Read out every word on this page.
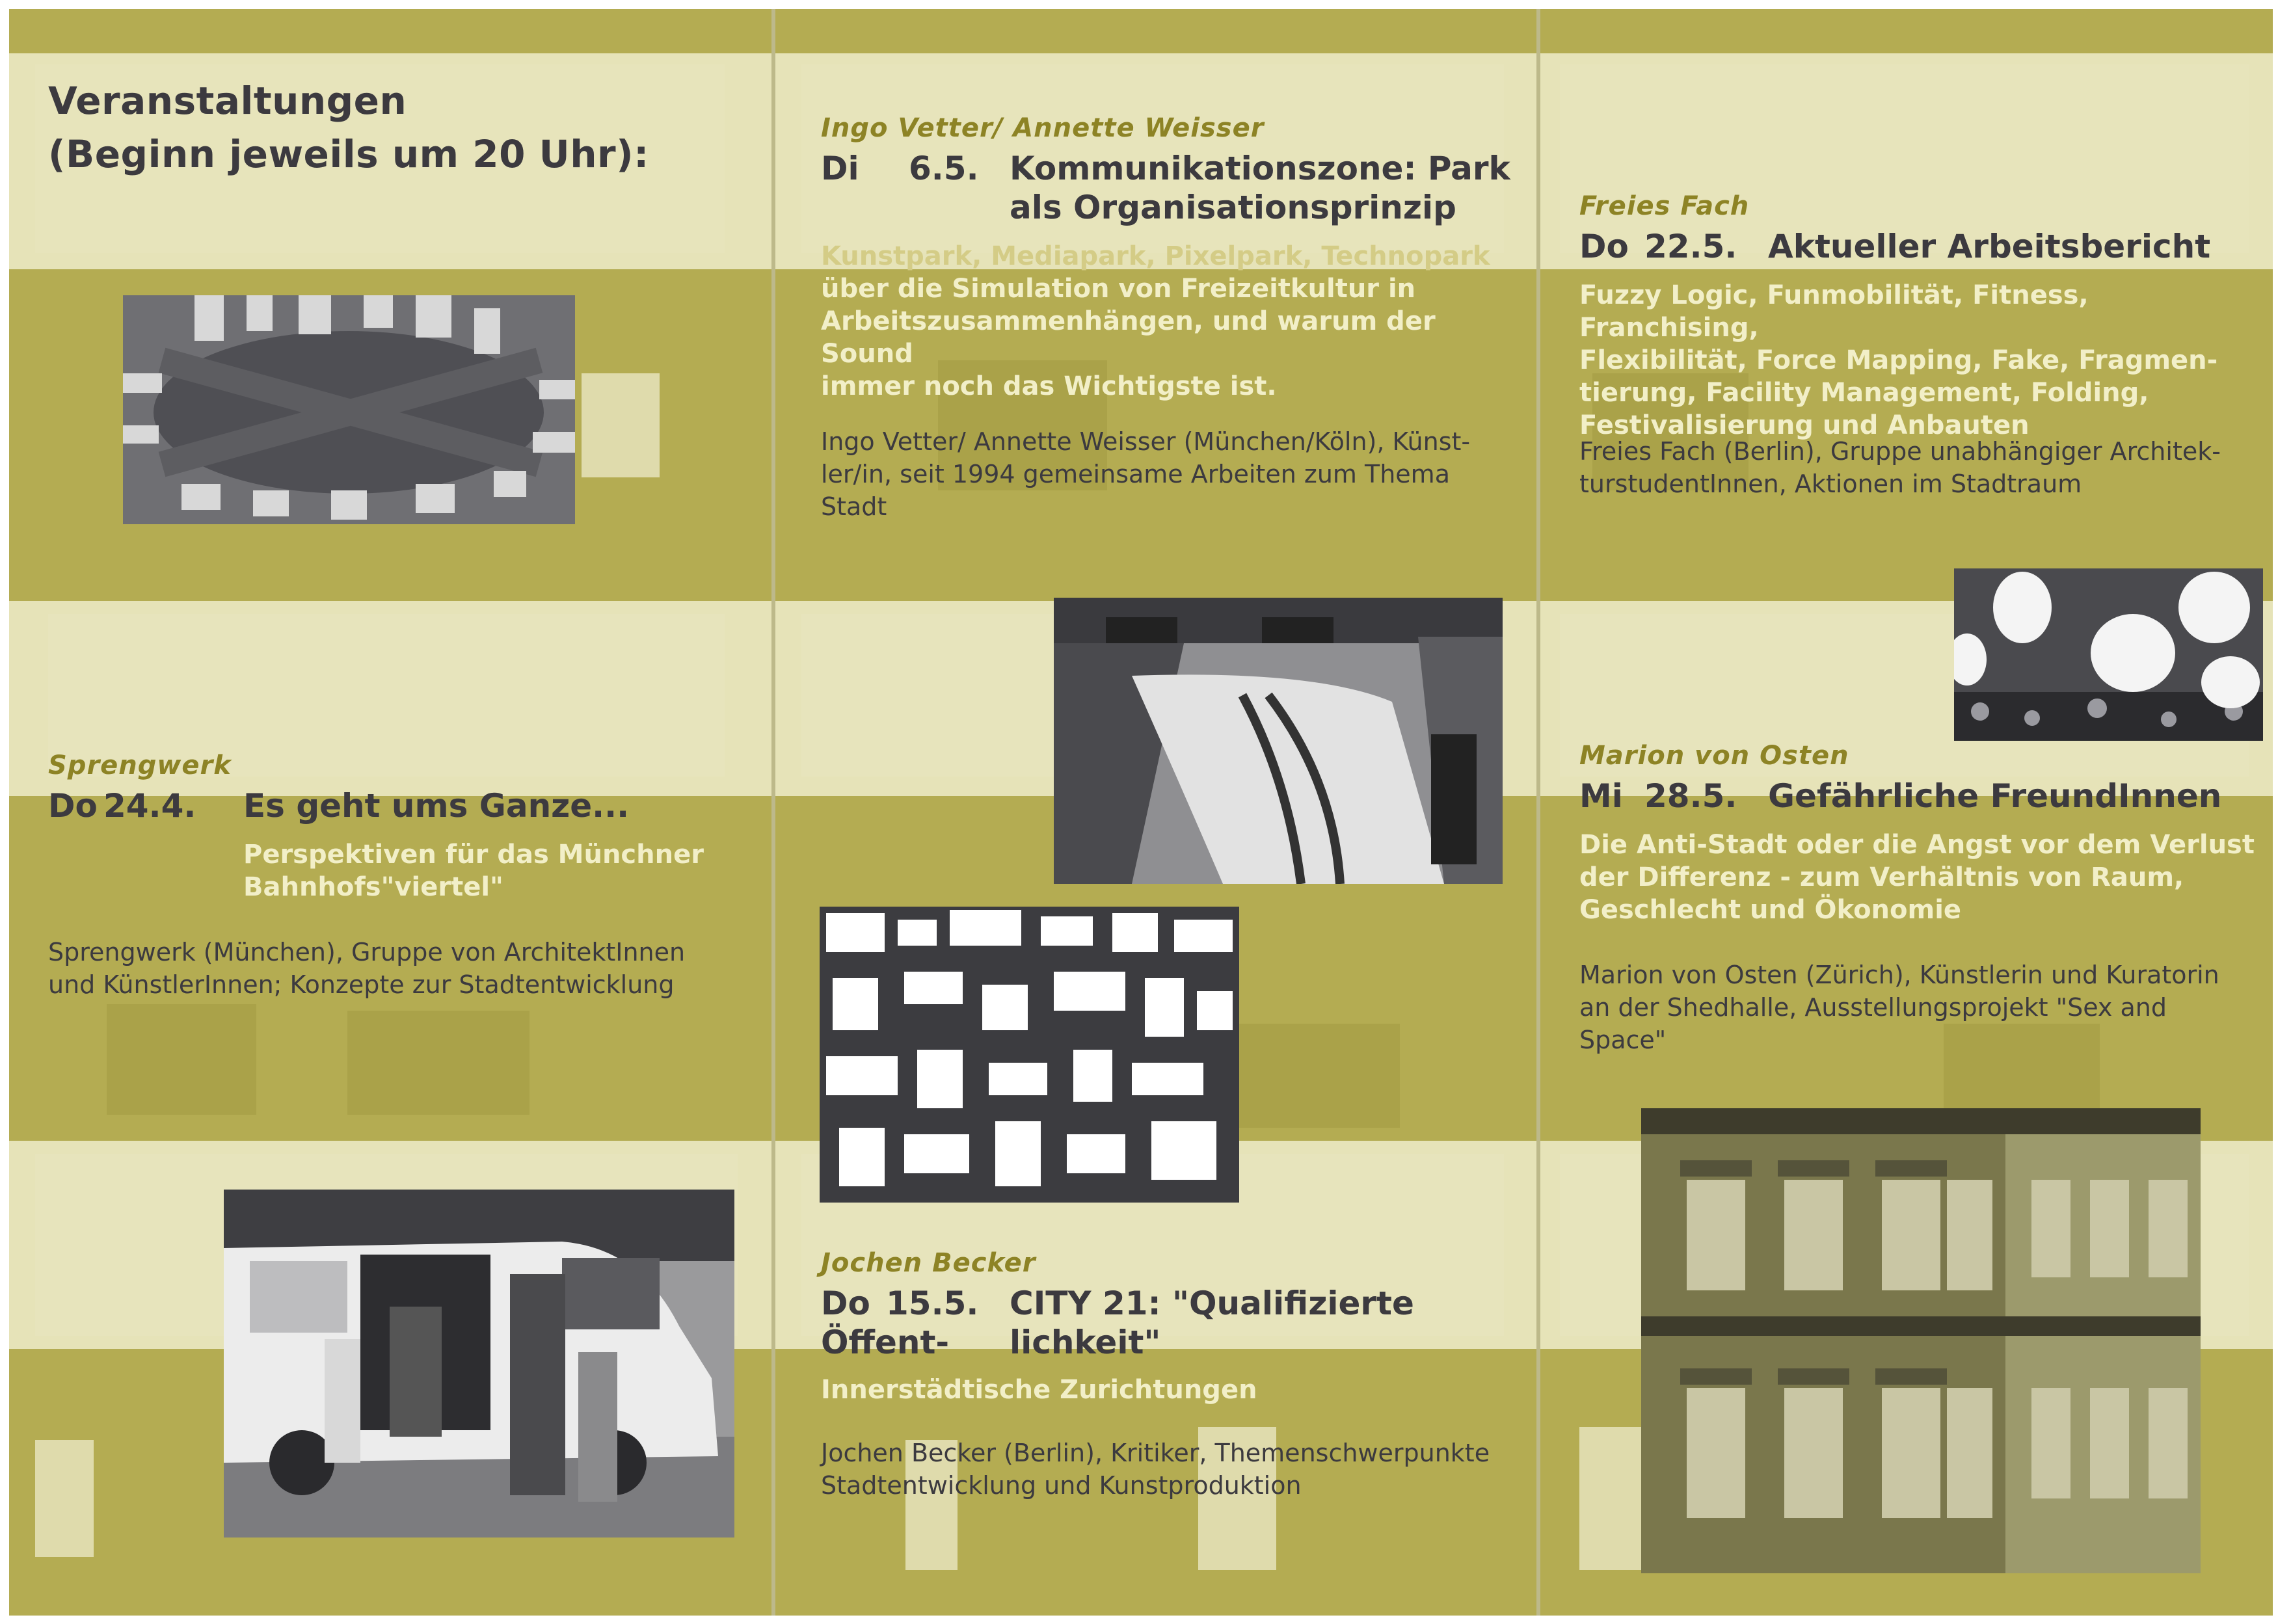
Veranstaltungen
(Beginn jeweils um 20 Uhr):
Sprengwerk
Do 24.4. Es geht ums Ganze...
Perspektiven für das Münchner
Bahnhofs"viertel"
Sprengwerk (München), Gruppe von ArchitektInnen
und KünstlerInnen; Konzepte zur Stadtentwicklung
Ingo Vetter/ Annette Weisser
Di 6.5. Kommunikationszone: Park
als Organisationsprinzip
Kunstpark, Mediapark, Pixelpark, Technopark
über die Simulation von Freizeitkultur in
Arbeitszusammenhängen, und warum der Sound
immer noch das Wichtigste ist.
Ingo Vetter/ Annette Weisser (München/Köln), Künst-
ler/in, seit 1994 gemeinsame Arbeiten zum Thema
Stadt
Jochen Becker
Do 15.5. CITY 21: "Qualifizierte Öffent-	lichkeit"
Innerstädtische Zurichtungen
Jochen Becker (Berlin), Kritiker, Themenschwerpunkte
Stadtentwicklung und Kunstproduktion
Freies Fach
Do 22.5. Aktueller Arbeitsbericht
Fuzzy Logic, Funmobilität, Fitness, Franchising,
Flexibilität, Force Mapping, Fake, Fragmen-
tierung, Facility Management, Folding,
Festivalisierung und Anbauten
Freies Fach (Berlin), Gruppe unabhängiger Architek-
turstudentInnen, Aktionen im Stadtraum
Marion von Osten
Mi 28.5. Gefährliche FreundInnen
Die Anti-Stadt oder die Angst vor dem Verlust
der Differenz - zum Verhältnis von Raum,
Geschlecht und Ökonomie
Marion von Osten (Zürich), Künstlerin und Kuratorin
an der Shedhalle, Ausstellungsprojekt "Sex and
Space"
